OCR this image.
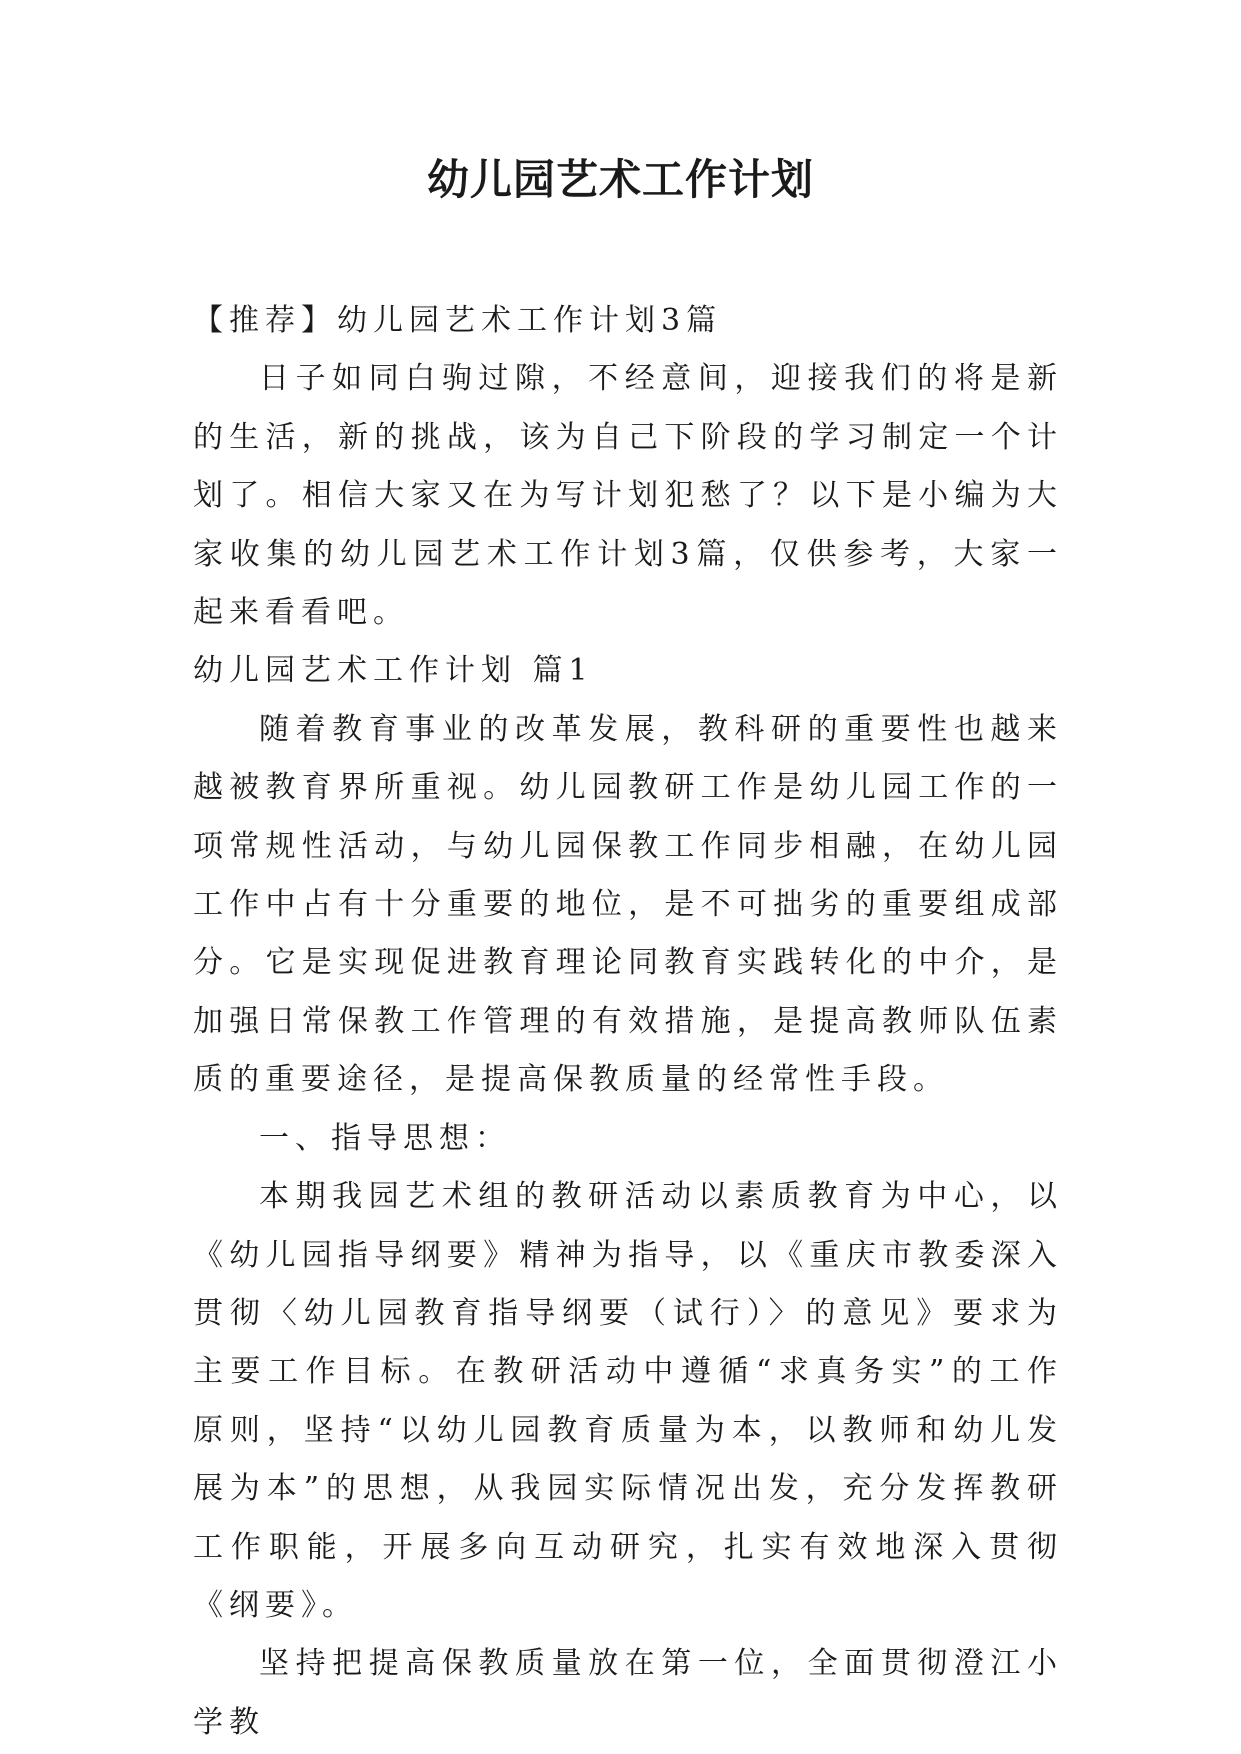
幼儿园艺术工作计划

【推荐】幼儿园艺术工作计划3篇

日子如同白驹过隙，不经意间，迎接我们的将是新的生活，新的挑战，该为自己下阶段的学习制定一个计划了。相信大家又在为写计划犯愁了？以下是小编为大家收集的幼儿园艺术工作计划3篇，仅供参考，大家一起来看看吧。

幼儿园艺术工作计划 篇1

随着教育事业的改革发展，教科研的重要性也越来越被教育界所重视。幼儿园教研工作是幼儿园工作的一项常规性活动，与幼儿园保教工作同步相融，在幼儿园工作中占有十分重要的地位，是不可拙劣的重要组成部分。它是实现促进教育理论同教育实践转化的中介，是加强日常保教工作管理的有效措施，是提高教师队伍素质的重要途径，是提高保教质量的经常性手段。

一、指导思想：

本期我园艺术组的教研活动以素质教育为中心，以《幼儿园指导纲要》精神为指导，以《重庆市教委深入贯彻〈幼儿园教育指导纲要（试行）〉的意见》要求为主要工作目标。在教研活动中遵循“求真务实”的工作原则，坚持“以幼儿园教育质量为本，以教师和幼儿发展为本”的思想，从我园实际情况出发，充分发挥教研工作职能，开展多向互动研究，扎实有效地深入贯彻《纲要》。

坚持把提高保教质量放在第一位，全面贯彻澄江小学教
